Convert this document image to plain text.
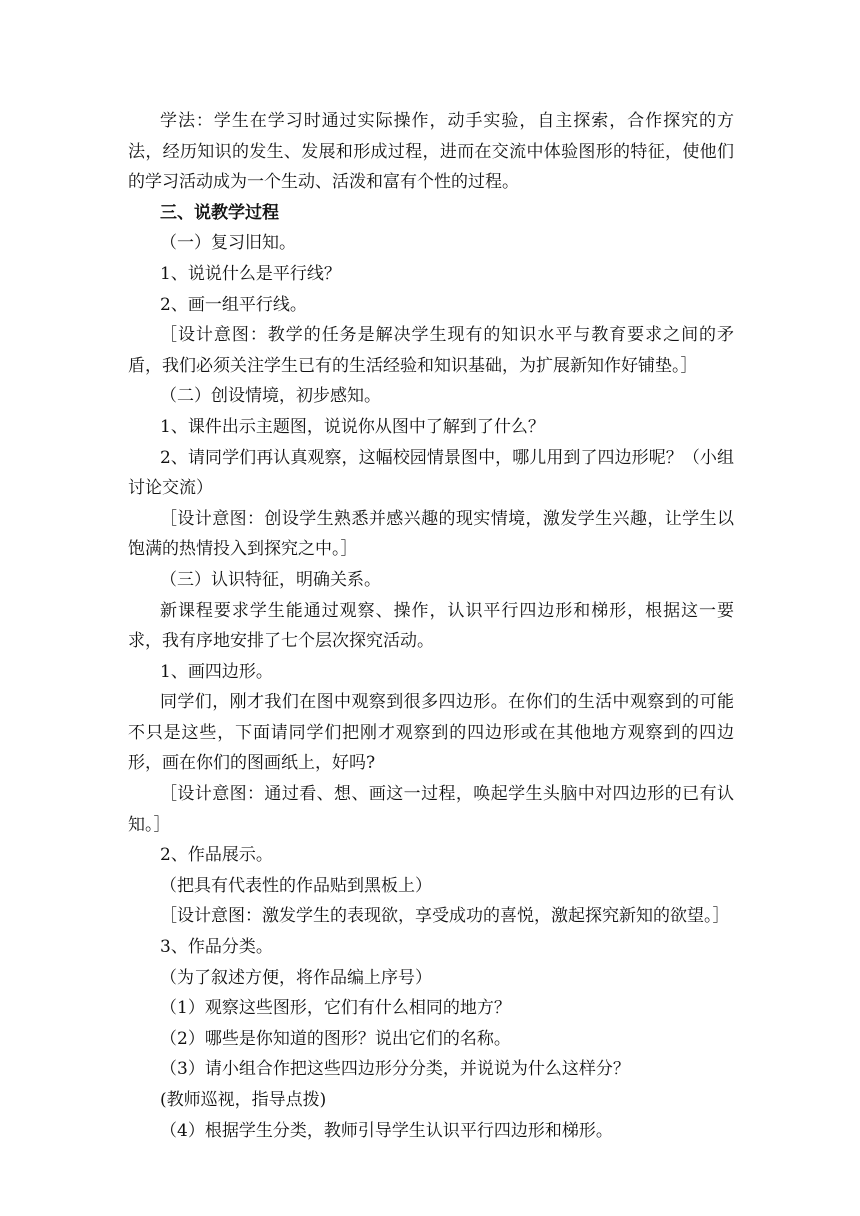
学法：学生在学习时通过实际操作，动手实验，自主探索，合作探究的方法，经历知识的发生、发展和形成过程，进而在交流中体验图形的特征，使他们的学习活动成为一个生动、活泼和富有个性的过程。

三、说教学过程

（一）复习旧知。

1、说说什么是平行线？

2、画一组平行线。

［设计意图：教学的任务是解决学生现有的知识水平与教育要求之间的矛盾，我们必须关注学生已有的生活经验和知识基础，为扩展新知作好铺垫。］

（二）创设情境，初步感知。

1、课件出示主题图，说说你从图中了解到了什么？

2、请同学们再认真观察，这幅校园情景图中，哪儿用到了四边形呢？（小组讨论交流）

［设计意图：创设学生熟悉并感兴趣的现实情境，激发学生兴趣，让学生以饱满的热情投入到探究之中。］

（三）认识特征，明确关系。

新课程要求学生能通过观察、操作，认识平行四边形和梯形，根据这一要求，我有序地安排了七个层次探究活动。

1、画四边形。

同学们，刚才我们在图中观察到很多四边形。在你们的生活中观察到的可能不只是这些，下面请同学们把刚才观察到的四边形或在其他地方观察到的四边形，画在你们的图画纸上，好吗?

［设计意图：通过看、想、画这一过程，唤起学生头脑中对四边形的已有认知。］

2、作品展示。

（把具有代表性的作品贴到黑板上）

［设计意图：激发学生的表现欲，享受成功的喜悦，激起探究新知的欲望。］

3、作品分类。

（为了叙述方便，将作品编上序号）

（1）观察这些图形，它们有什么相同的地方？

（2）哪些是你知道的图形？说出它们的名称。

（3）请小组合作把这些四边形分分类，并说说为什么这样分？

(教师巡视，指导点拨)

（4）根据学生分类，教师引导学生认识平行四边形和梯形。
